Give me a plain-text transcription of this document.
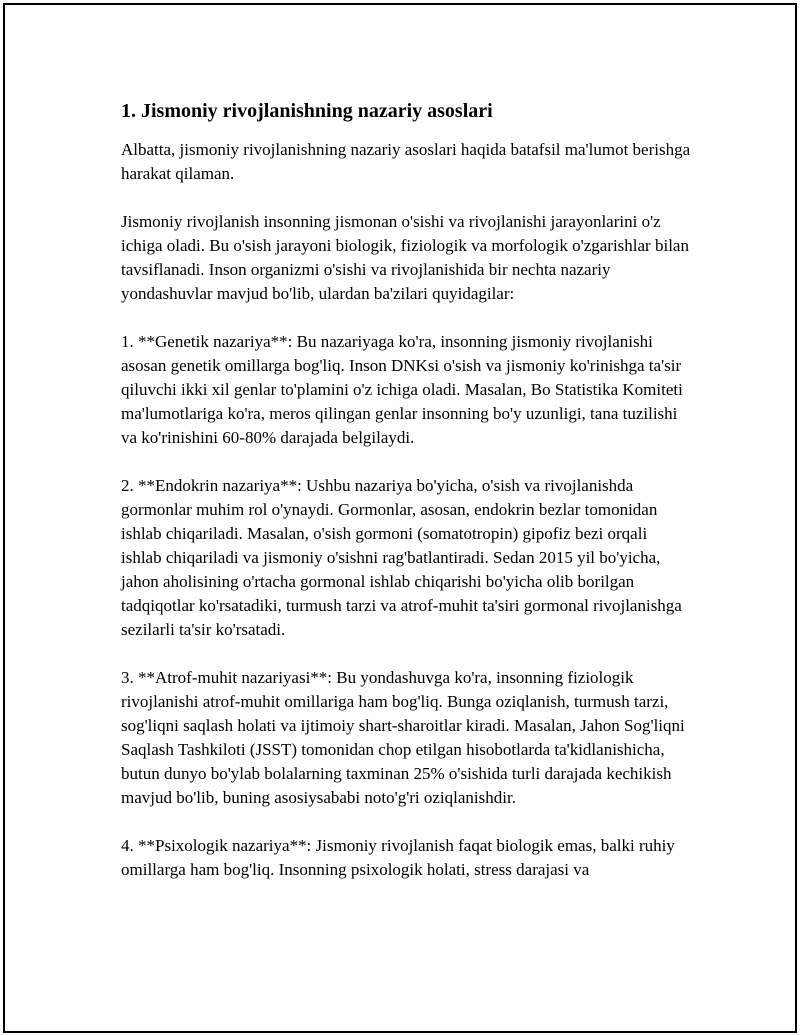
1. Jismoniy rivojlanishning nazariy asoslari

Albatta, jismoniy rivojlanishning nazariy asoslari haqida batafsil ma'lumot berishga harakat qilaman.

Jismoniy rivojlanish insonning jismonan o'sishi va rivojlanishi jarayonlarini o'z ichiga oladi. Bu o'sish jarayoni biologik, fiziologik va morfologik o'zgarishlar bilan tavsiflanadi. Inson organizmi o'sishi va rivojlanishida bir nechta nazariy yondashuvlar mavjud bo'lib, ulardan ba'zilari quyidagilar:

1. **Genetik nazariya**: Bu nazariyaga ko'ra, insonning jismoniy rivojlanishi asosan genetik omillarga bog'liq. Inson DNKsi o'sish va jismoniy ko'rinishga ta'sir qiluvchi ikki xil genlar to'plamini o'z ichiga oladi. Masalan, Bo Statistika Komiteti ma'lumotlariga ko'ra, meros qilingan genlar insonning bo'y uzunligi, tana tuzilishi va ko'rinishini 60-80% darajada belgilaydi.

2. **Endokrin nazariya**: Ushbu nazariya bo'yicha, o'sish va rivojlanishda gormonlar muhim rol o'ynaydi. Gormonlar, asosan, endokrin bezlar tomonidan ishlab chiqariladi. Masalan, o'sish gormoni (somatotropin) gipofiz bezi orqali ishlab chiqariladi va jismoniy o'sishni rag'batlantiradi. Sedan 2015 yil bo'yicha, jahon aholisining o'rtacha gormonal ishlab chiqarishi bo'yicha olib borilgan tadqiqotlar ko'rsatadiki, turmush tarzi va atrof-muhit ta'siri gormonal rivojlanishga sezilarli ta'sir ko'rsatadi.

3. **Atrof-muhit nazariyasi**: Bu yondashuvga ko'ra, insonning fiziologik rivojlanishi atrof-muhit omillariga ham bog'liq. Bunga oziqlanish, turmush tarzi, sog'liqni saqlash holati va ijtimoiy shart-sharoitlar kiradi. Masalan, Jahon Sog'liqni Saqlash Tashkiloti (JSST) tomonidan chop etilgan hisobotlarda ta'kidlanishicha, butun dunyo bo'ylab bolalarning taxminan 25% o'sishida turli darajada kechikish mavjud bo'lib, buning asosiysababi noto'g'ri oziqlanishdir.

4. **Psixologik nazariya**: Jismoniy rivojlanish faqat biologik emas, balki ruhiy omillarga ham bog'liq. Insonning psixologik holati, stress darajasi va
